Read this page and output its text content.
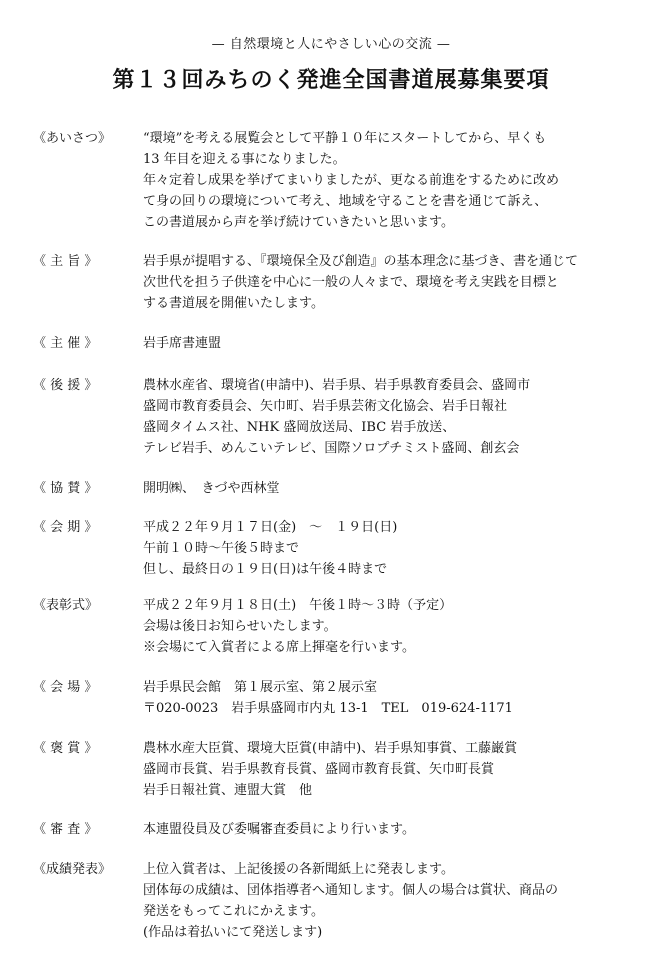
— 自然環境と人にやさしい心の交流 —
第１３回みちのく発進全国書道展募集要項
《あいさつ》	“環境”を考える展覧会として平静１０年にスタートしてから、早くも
13 年目を迎える事になりました。
年々定着し成果を挙げてまいりましたが、更なる前進をするために改め
て身の回りの環境について考え、地域を守ることを書を通じて訴え、
この書道展から声を挙げ続けていきたいと思います。
《 主 旨 》	岩手県が提唱する、『環境保全及び創造』の基本理念に基づき、書を通じて
次世代を担う子供達を中心に一般の人々まで、環境を考え実践を目標と
する書道展を開催いたします。
《 主 催 》	岩手席書連盟
《 後 援 》	農林水産省、環境省(申請中)、岩手県、岩手県教育委員会、盛岡市
盛岡市教育委員会、矢巾町、岩手県芸術文化協会、岩手日報社
盛岡タイムス社、NHK 盛岡放送局、IBC 岩手放送、
テレビ岩手、めんこいテレビ、国際ソロプチミスト盛岡、創玄会
《 協 賛 》	開明㈱、　きづや西林堂
《 会 期 》	平成２２年９月１７日(金)　～　１９日(日)
午前１０時～午後５時まで
但し、最終日の１９日(日)は午後４時まで
《表彰式》	平成２２年９月１８日(土)　午後１時～３時（予定）
会場は後日お知らせいたします。
※会場にて入賞者による席上揮毫を行います。
《 会 場 》	岩手県民会館　第１展示室、第２展示室
〒020-0023　岩手県盛岡市内丸 13-1　TEL　019-624-1171
《 褒 賞 》	農林水産大臣賞、環境大臣賞(申請中)、岩手県知事賞、工藤巌賞
盛岡市長賞、岩手県教育長賞、盛岡市教育長賞、矢巾町長賞
岩手日報社賞、連盟大賞　他
《 審 査 》	本連盟役員及び委嘱審査委員により行います。
《成績発表》	上位入賞者は、上記後援の各新聞紙上に発表します。
団体毎の成績は、団体指導者へ通知します。個人の場合は賞状、商品の
発送をもってこれにかえます。
(作品は着払いにて発送します)
